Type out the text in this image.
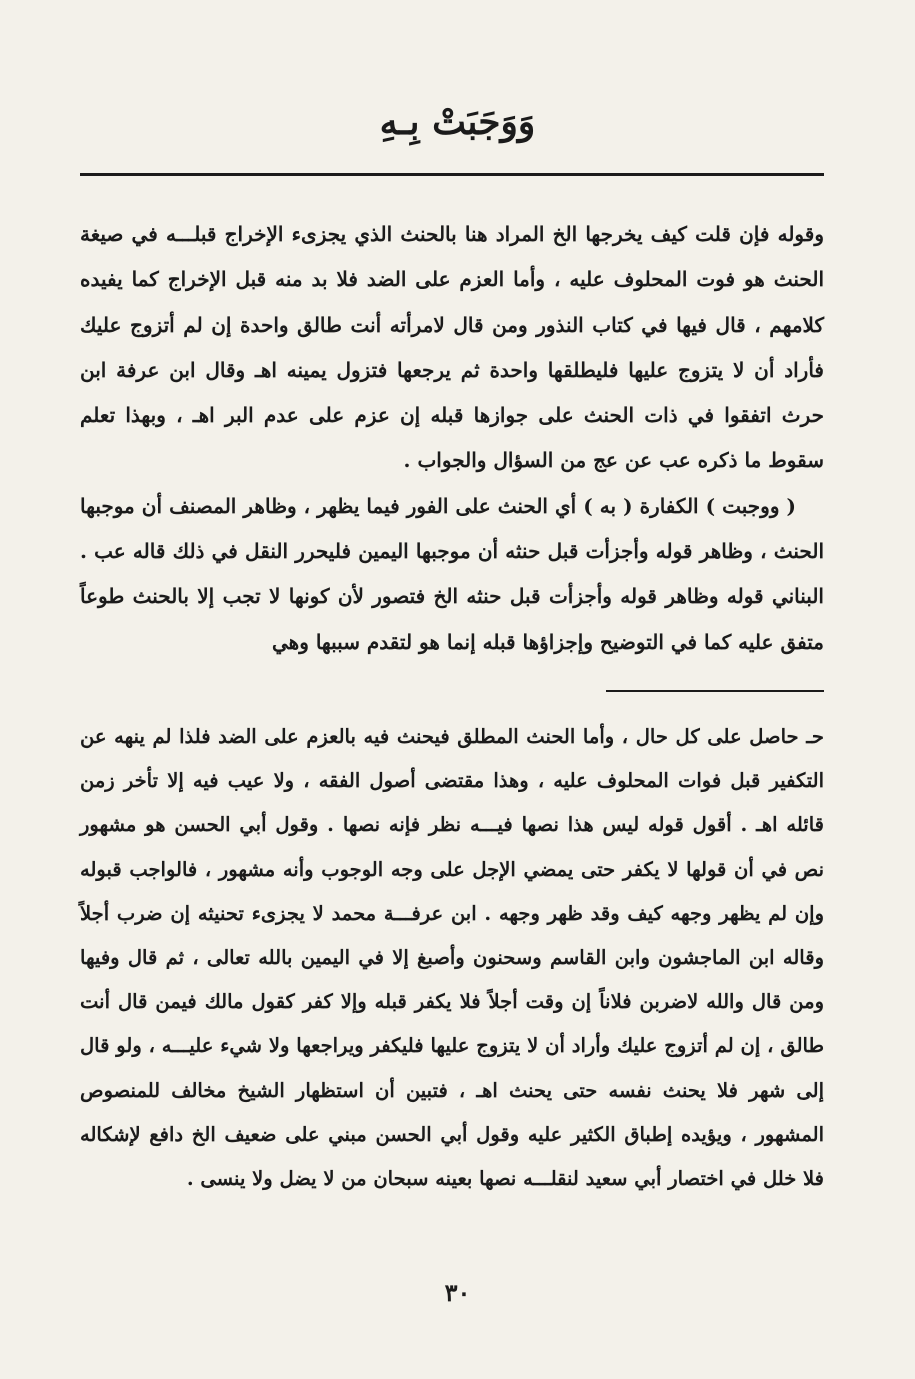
وَوَجَبَتْ بِـهِ

وقوله فإن قلت كيف يخرجها الخ المراد هنا بالحنث الذي يجزىء الإخراج قبلـــه في صيغة الحنث هو فوت المحلوف عليه ، وأما العزم على الضد فلا بد منه قبل الإخراج كما يفيده كلامهم ، قال فيها في كتاب النذور ومن قال لامرأته أنت طالق واحدة إن لم أتزوج عليك فأراد أن لا يتزوج عليها فليطلقها واحدة ثم يرجعها فتزول يمينه اهـ وقال ابن عرفة ابن حرث اتفقوا في ذات الحنث على جوازها قبله إن عزم على عدم البر اهـ ، وبهذا تعلم سقوط ما ذكره عب عن عج من السؤال والجواب .

( ووجبت ) الكفارة ( به ) أي الحنث على الفور فيما يظهر ، وظاهر المصنف أن موجبها الحنث ، وظاهر قوله وأجزأت قبل حنثه أن موجبها اليمين فليحرر النقل في ذلك قاله عب . البناني قوله وظاهر قوله وأجزأت قبل حنثه الخ فتصور لأن كونها لا تجب إلا بالحنث طوعاً متفق عليه كما في التوضيح وإجزاؤها قبله إنما هو لتقدم سببها وهي

حـ حاصل على كل حال ، وأما الحنث المطلق فيحنث فيه بالعزم على الضد فلذا لم ينهه عن التكفير قبل فوات المحلوف عليه ، وهذا مقتضى أصول الفقه ، ولا عيب فيه إلا تأخر زمن قائله اهـ . أقول قوله ليس هذا نصها فيـــه نظر فإنه نصها . وقول أبي الحسن هو مشهور نص في أن قولها لا يكفر حتى يمضي الإجل على وجه الوجوب وأنه مشهور ، فالواجب قبوله وإن لم يظهر وجهه كيف وقد ظهر وجهه . ابن عرفـــة محمد لا يجزىء تحنيثه إن ضرب أجلاً وقاله ابن الماجشون وابن القاسم وسحنون وأصبغ إلا في اليمين بالله تعالى ، ثم قال وفيها ومن قال والله لاضربن فلاناً إن وقت أجلاً فلا يكفر قبله وإلا كفر كقول مالك فيمن قال أنت طالق ، إن لم أتزوج عليك وأراد أن لا يتزوج عليها فليكفر ويراجعها ولا شيء عليـــه ، ولو قال إلى شهر فلا يحنث نفسه حتى يحنث اهـ ، فتبين أن استظهار الشيخ مخالف للمنصوص المشهور ، ويؤيده إطباق الكثير عليه وقول أبي الحسن مبني على ضعيف الخ دافع لإشكاله فلا خلل في اختصار أبي سعيد لنقلـــه نصها بعينه سبحان من لا يضل ولا ينسى .

٣٠
